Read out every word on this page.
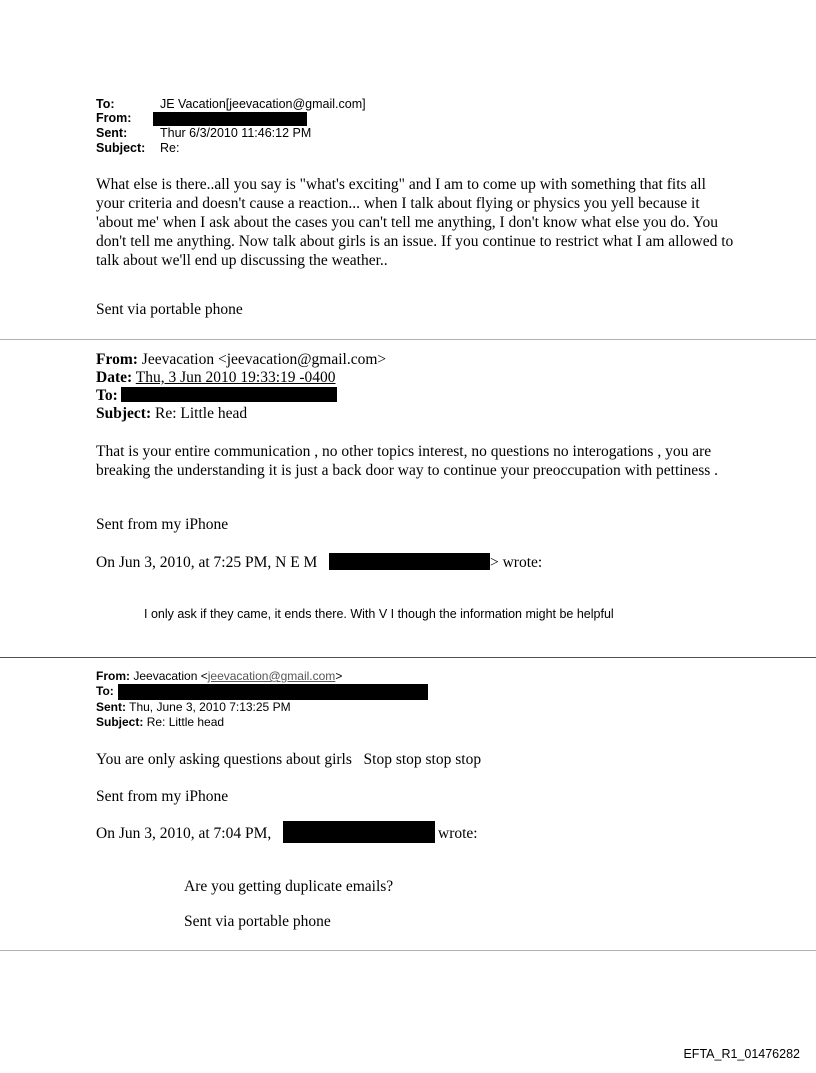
To:	JE Vacation[jeevacation@gmail.com]
From:
Sent:	Thur 6/3/2010 11:46:12 PM
Subject: Re:
What else is there..all you say is "what's exciting" and I am to come up with something that fits all your criteria and doesn't cause a reaction... when I talk about flying or physics you yell because it 'about me' when I ask about the cases you can't tell me anything, I don't know what else you do. You don't tell me anything. Now talk about girls is an issue. If you continue to restrict what I am allowed to talk about we'll end up discussing the weather..
Sent via portable phone
From: Jeevacation <jeevacation@gmail.com>
Date: Thu, 3 Jun 2010 19:33:19 -0400
To:
Subject: Re: Little head
That is your entire communication , no other topics interest, no questions no interogations , you are breaking the understanding it is just a back door way to continue your preoccupation with pettiness .
Sent from my iPhone
On Jun 3, 2010, at 7:25 PM, N E M	> wrote:
I only ask if they came, it ends there. With V I though the information might be helpful
From: Jeevacation <jeevacation@gmail.com>
To:
Sent: Thu, June 3, 2010 7:13:25 PM
Subject: Re: Little head
You are only asking questions about girls   Stop stop stop stop
Sent from my iPhone
On Jun 3, 2010, at 7:04 PM,	wrote:
Are you getting duplicate emails?
Sent via portable phone
EFTA_R1_01476282
